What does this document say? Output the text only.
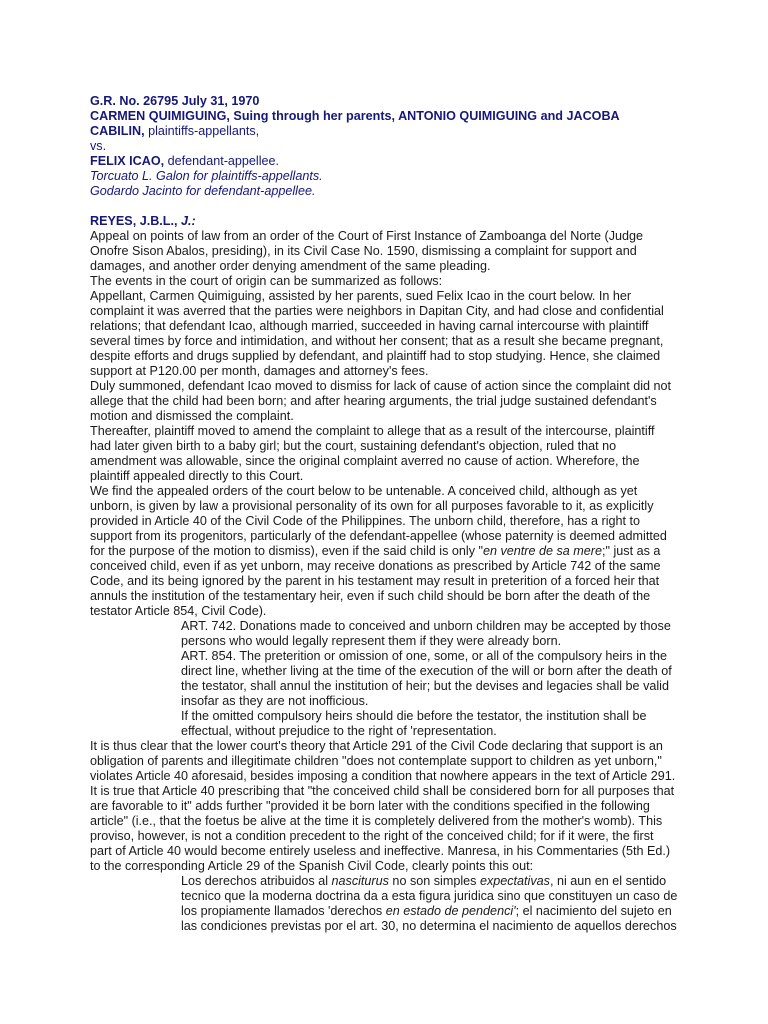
G.R. No. 26795 July 31, 1970
CARMEN QUIMIGUING, Suing through her parents, ANTONIO QUIMIGUING and JACOBA
CABILIN, plaintiffs-appellants,
vs.
FELIX ICAO, defendant-appellee.
Torcuato L. Galon for plaintiffs-appellants.
Godardo Jacinto for defendant-appellee.
REYES, J.B.L., J.:
Appeal on points of law from an order of the Court of First Instance of Zamboanga del Norte (Judge
Onofre Sison Abalos, presiding), in its Civil Case No. 1590, dismissing a complaint for support and
damages, and another order denying amendment of the same pleading.
The events in the court of origin can be summarized as follows:
Appellant, Carmen Quimiguing, assisted by her parents, sued Felix Icao in the court below. In her
complaint it was averred that the parties were neighbors in Dapitan City, and had close and confidential
relations; that defendant Icao, although married, succeeded in having carnal intercourse with plaintiff
several times by force and intimidation, and without her consent; that as a result she became pregnant,
despite efforts and drugs supplied by defendant, and plaintiff had to stop studying. Hence, she claimed
support at P120.00 per month, damages and attorney's fees.
Duly summoned, defendant Icao moved to dismiss for lack of cause of action since the complaint did not
allege that the child had been born; and after hearing arguments, the trial judge sustained defendant's
motion and dismissed the complaint.
Thereafter, plaintiff moved to amend the complaint to allege that as a result of the intercourse, plaintiff
had later given birth to a baby girl; but the court, sustaining defendant's objection, ruled that no
amendment was allowable, since the original complaint averred no cause of action. Wherefore, the
plaintiff appealed directly to this Court.
We find the appealed orders of the court below to be untenable. A conceived child, although as yet
unborn, is given by law a provisional personality of its own for all purposes favorable to it, as explicitly
provided in Article 40 of the Civil Code of the Philippines. The unborn child, therefore, has a right to
support from its progenitors, particularly of the defendant-appellee (whose paternity is deemed admitted
for the purpose of the motion to dismiss), even if the said child is only "en ventre de sa mere;" just as a
conceived child, even if as yet unborn, may receive donations as prescribed by Article 742 of the same
Code, and its being ignored by the parent in his testament may result in preterition of a forced heir that
annuls the institution of the testamentary heir, even if such child should be born after the death of the
testator Article 854, Civil Code).
ART. 742. Donations made to conceived and unborn children may be accepted by those
persons who would legally represent them if they were already born.
ART. 854. The preterition or omission of one, some, or all of the compulsory heirs in the
direct line, whether living at the time of the execution of the will or born after the death of
the testator, shall annul the institution of heir; but the devises and legacies shall be valid
insofar as they are not inofficious.
If the omitted compulsory heirs should die before the testator, the institution shall be
effectual, without prejudice to the right of 'representation.
It is thus clear that the lower court's theory that Article 291 of the Civil Code declaring that support is an
obligation of parents and illegitimate children "does not contemplate support to children as yet unborn,"
violates Article 40 aforesaid, besides imposing a condition that nowhere appears in the text of Article 291.
It is true that Article 40 prescribing that "the conceived child shall be considered born for all purposes that
are favorable to it" adds further "provided it be born later with the conditions specified in the following
article" (i.e., that the foetus be alive at the time it is completely delivered from the mother's womb). This
proviso, however, is not a condition precedent to the right of the conceived child; for if it were, the first
part of Article 40 would become entirely useless and ineffective. Manresa, in his Commentaries (5th Ed.)
to the corresponding Article 29 of the Spanish Civil Code, clearly points this out:
Los derechos atribuidos al nasciturus no son simples expectativas, ni aun en el sentido
tecnico que la moderna doctrina da a esta figura juridica sino que constituyen un caso de
los propiamente llamados 'derechos en estado de pendenci'; el nacimiento del sujeto en
las condiciones previstas por el art. 30, no determina el nacimiento de aquellos derechos
